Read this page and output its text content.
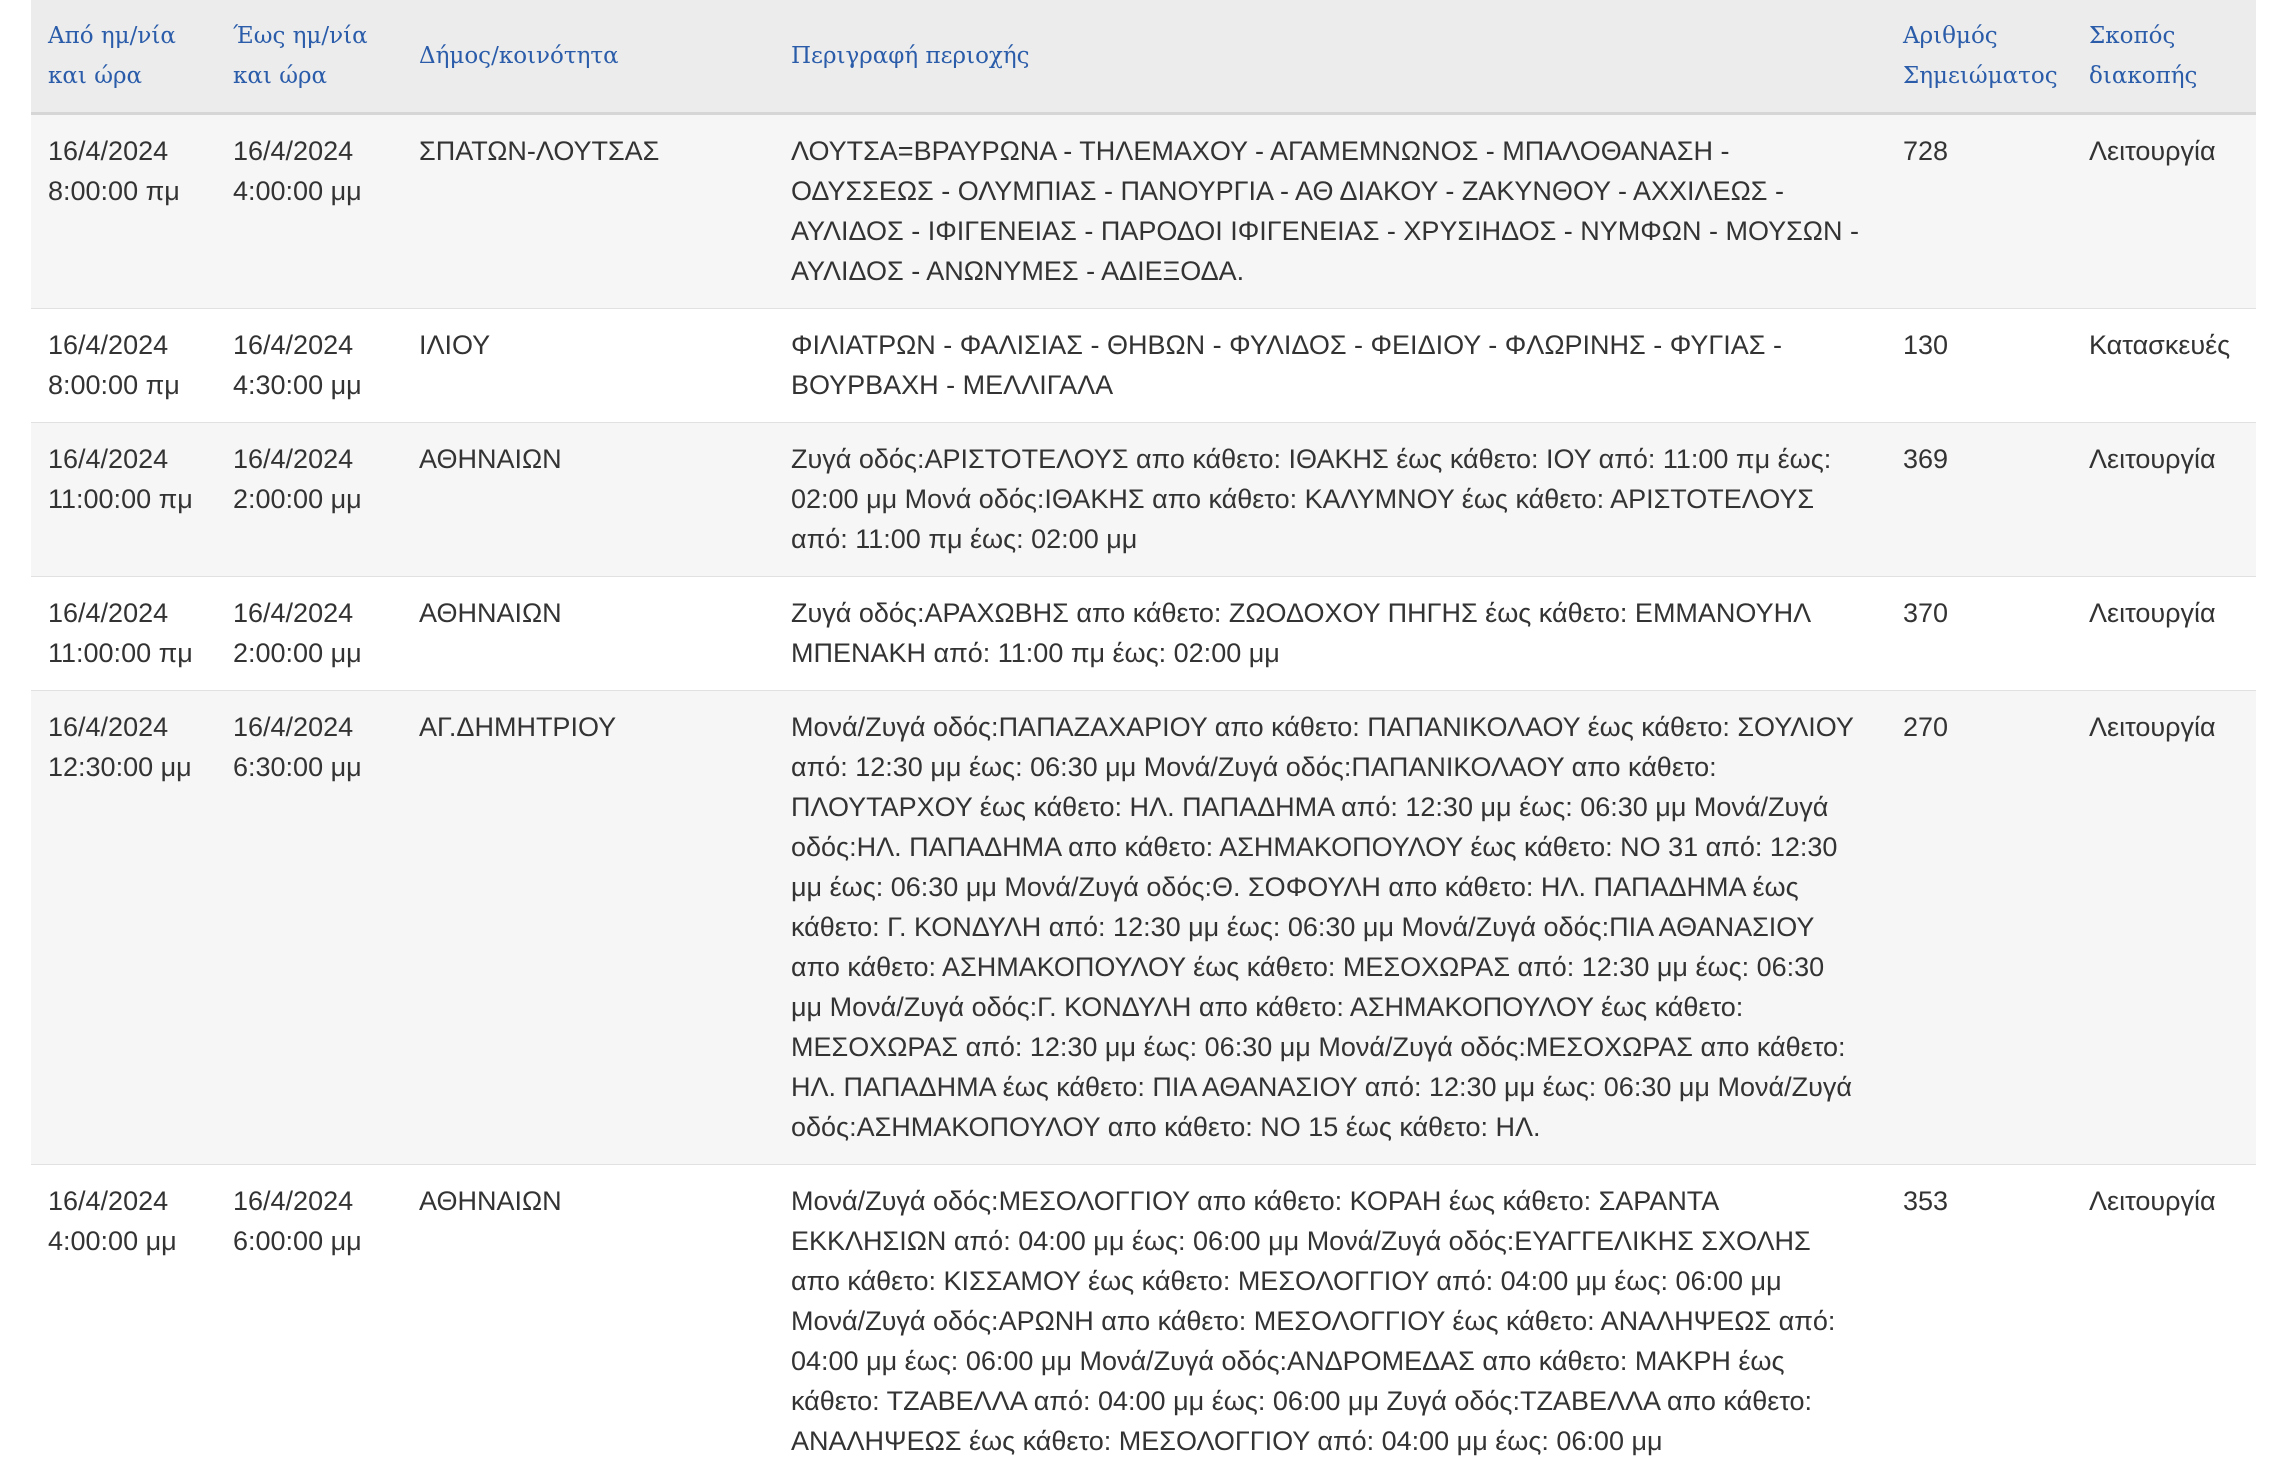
Από ημ/νία
και ώρα	Έως ημ/νία
και ώρα	Δήμος/κοινότητα	Περιγραφή περιοχής	Αριθμός
Σημειώματος	Σκοπός
διακοπής

16/4/2024
8:00:00 πμ	16/4/2024
4:00:00 μμ	ΣΠΑΤΩΝ-ΛΟΥΤΣΑΣ	ΛΟΥΤΣΑ=ΒΡΑΥΡΩΝΑ - ΤΗΛΕΜΑΧΟΥ - ΑΓΑΜΕΜΝΩΝΟΣ - ΜΠΑΛΟΘΑΝΑΣΗ - ΟΔΥΣΣΕΩΣ - ΟΛΥΜΠΙΑΣ - ΠΑΝΟΥΡΓΙΑ - ΑΘ ΔΙΑΚΟΥ - ΖΑΚΥΝΘΟΥ - ΑΧΧΙΛΕΩΣ - ΑΥΛΙΔΟΣ - ΙΦΙΓΕΝΕΙΑΣ - ΠΑΡΟΔΟΙ ΙΦΙΓΕΝΕΙΑΣ - ΧΡΥΣΙΗΔΟΣ - ΝΥΜΦΩΝ - ΜΟΥΣΩΝ - ΑΥΛΙΔΟΣ - ΑΝΩΝΥΜΕΣ - ΑΔΙΕΞΟΔΑ.	728	Λειτουργία

16/4/2024
8:00:00 πμ	16/4/2024
4:30:00 μμ	ΙΛΙΟΥ	ΦΙΛΙΑΤΡΩΝ - ΦΑΛΙΣΙΑΣ - ΘΗΒΩΝ - ΦΥΛΙΔΟΣ - ΦΕΙΔΙΟΥ - ΦΛΩΡΙΝΗΣ - ΦΥΓΙΑΣ - ΒΟΥΡΒΑΧΗ - ΜΕΛΛΙΓΑΛΑ	130	Κατασκευές

16/4/2024
11:00:00 πμ	16/4/2024
2:00:00 μμ	ΑΘΗΝΑΙΩΝ	Ζυγά οδός:ΑΡΙΣΤΟΤΕΛΟΥΣ απο κάθετο: ΙΘΑΚΗΣ έως κάθετο: ΙΟΥ από: 11:00 πμ έως: 02:00 μμ Μονά οδός:ΙΘΑΚΗΣ απο κάθετο: ΚΑΛΥΜΝΟΥ έως κάθετο: ΑΡΙΣΤΟΤΕΛΟΥΣ από: 11:00 πμ έως: 02:00 μμ	369	Λειτουργία

16/4/2024
11:00:00 πμ	16/4/2024
2:00:00 μμ	ΑΘΗΝΑΙΩΝ	Ζυγά οδός:ΑΡΑΧΩΒΗΣ απο κάθετο: ΖΩΟΔΟΧΟΥ ΠΗΓΗΣ έως κάθετο: ΕΜΜΑΝΟΥΗΛ ΜΠΕΝΑΚΗ από: 11:00 πμ έως: 02:00 μμ	370	Λειτουργία

16/4/2024
12:30:00 μμ	16/4/2024
6:30:00 μμ	ΑΓ.ΔΗΜΗΤΡΙΟΥ	Μονά/Ζυγά οδός:ΠΑΠΑΖΑΧΑΡΙΟΥ απο κάθετο: ΠΑΠΑΝΙΚΟΛΑΟΥ έως κάθετο: ΣΟΥΛΙΟΥ από: 12:30 μμ έως: 06:30 μμ Μονά/Ζυγά οδός:ΠΑΠΑΝΙΚΟΛΑΟΥ απο κάθετο: ΠΛΟΥΤΑΡΧΟΥ έως κάθετο: ΗΛ. ΠΑΠΑΔΗΜΑ από: 12:30 μμ έως: 06:30 μμ Μονά/Ζυγά οδός:ΗΛ. ΠΑΠΑΔΗΜΑ απο κάθετο: ΑΣΗΜΑΚΟΠΟΥΛΟΥ έως κάθετο: ΝΟ 31 από: 12:30 μμ έως: 06:30 μμ Μονά/Ζυγά οδός:Θ. ΣΟΦΟΥΛΗ απο κάθετο: ΗΛ. ΠΑΠΑΔΗΜΑ έως κάθετο: Γ. ΚΟΝΔΥΛΗ από: 12:30 μμ έως: 06:30 μμ Μονά/Ζυγά οδός:ΠΙΑ ΑΘΑΝΑΣΙΟΥ απο κάθετο: ΑΣΗΜΑΚΟΠΟΥΛΟΥ έως κάθετο: ΜΕΣΟΧΩΡΑΣ από: 12:30 μμ έως: 06:30 μμ Μονά/Ζυγά οδός:Γ. ΚΟΝΔΥΛΗ απο κάθετο: ΑΣΗΜΑΚΟΠΟΥΛΟΥ έως κάθετο: ΜΕΣΟΧΩΡΑΣ από: 12:30 μμ έως: 06:30 μμ Μονά/Ζυγά οδός:ΜΕΣΟΧΩΡΑΣ απο κάθετο: ΗΛ. ΠΑΠΑΔΗΜΑ έως κάθετο: ΠΙΑ ΑΘΑΝΑΣΙΟΥ από: 12:30 μμ έως: 06:30 μμ Μονά/Ζυγά οδός:ΑΣΗΜΑΚΟΠΟΥΛΟΥ απο κάθετο: ΝΟ 15 έως κάθετο: ΗΛ.	270	Λειτουργία

16/4/2024
4:00:00 μμ	16/4/2024
6:00:00 μμ	ΑΘΗΝΑΙΩΝ	Μονά/Ζυγά οδός:ΜΕΣΟΛΟΓΓΙΟΥ απο κάθετο: ΚΟΡΑΗ έως κάθετο: ΣΑΡΑΝΤΑ ΕΚΚΛΗΣΙΩΝ από: 04:00 μμ έως: 06:00 μμ Μονά/Ζυγά οδός:ΕΥΑΓΓΕΛΙΚΗΣ ΣΧΟΛΗΣ απο κάθετο: ΚΙΣΣΑΜΟΥ έως κάθετο: ΜΕΣΟΛΟΓΓΙΟΥ από: 04:00 μμ έως: 06:00 μμ Μονά/Ζυγά οδός:ΑΡΩΝΗ απο κάθετο: ΜΕΣΟΛΟΓΓΙΟΥ έως κάθετο: ΑΝΑΛΗΨΕΩΣ από: 04:00 μμ έως: 06:00 μμ Μονά/Ζυγά οδός:ΑΝΔΡΟΜΕΔΑΣ απο κάθετο: ΜΑΚΡΗ έως κάθετο: ΤΖΑΒΕΛΛΑ από: 04:00 μμ έως: 06:00 μμ Ζυγά οδός:ΤΖΑΒΕΛΛΑ απο κάθετο: ΑΝΑΛΗΨΕΩΣ έως κάθετο: ΜΕΣΟΛΟΓΓΙΟΥ από: 04:00 μμ έως: 06:00 μμ	353	Λειτουργία
